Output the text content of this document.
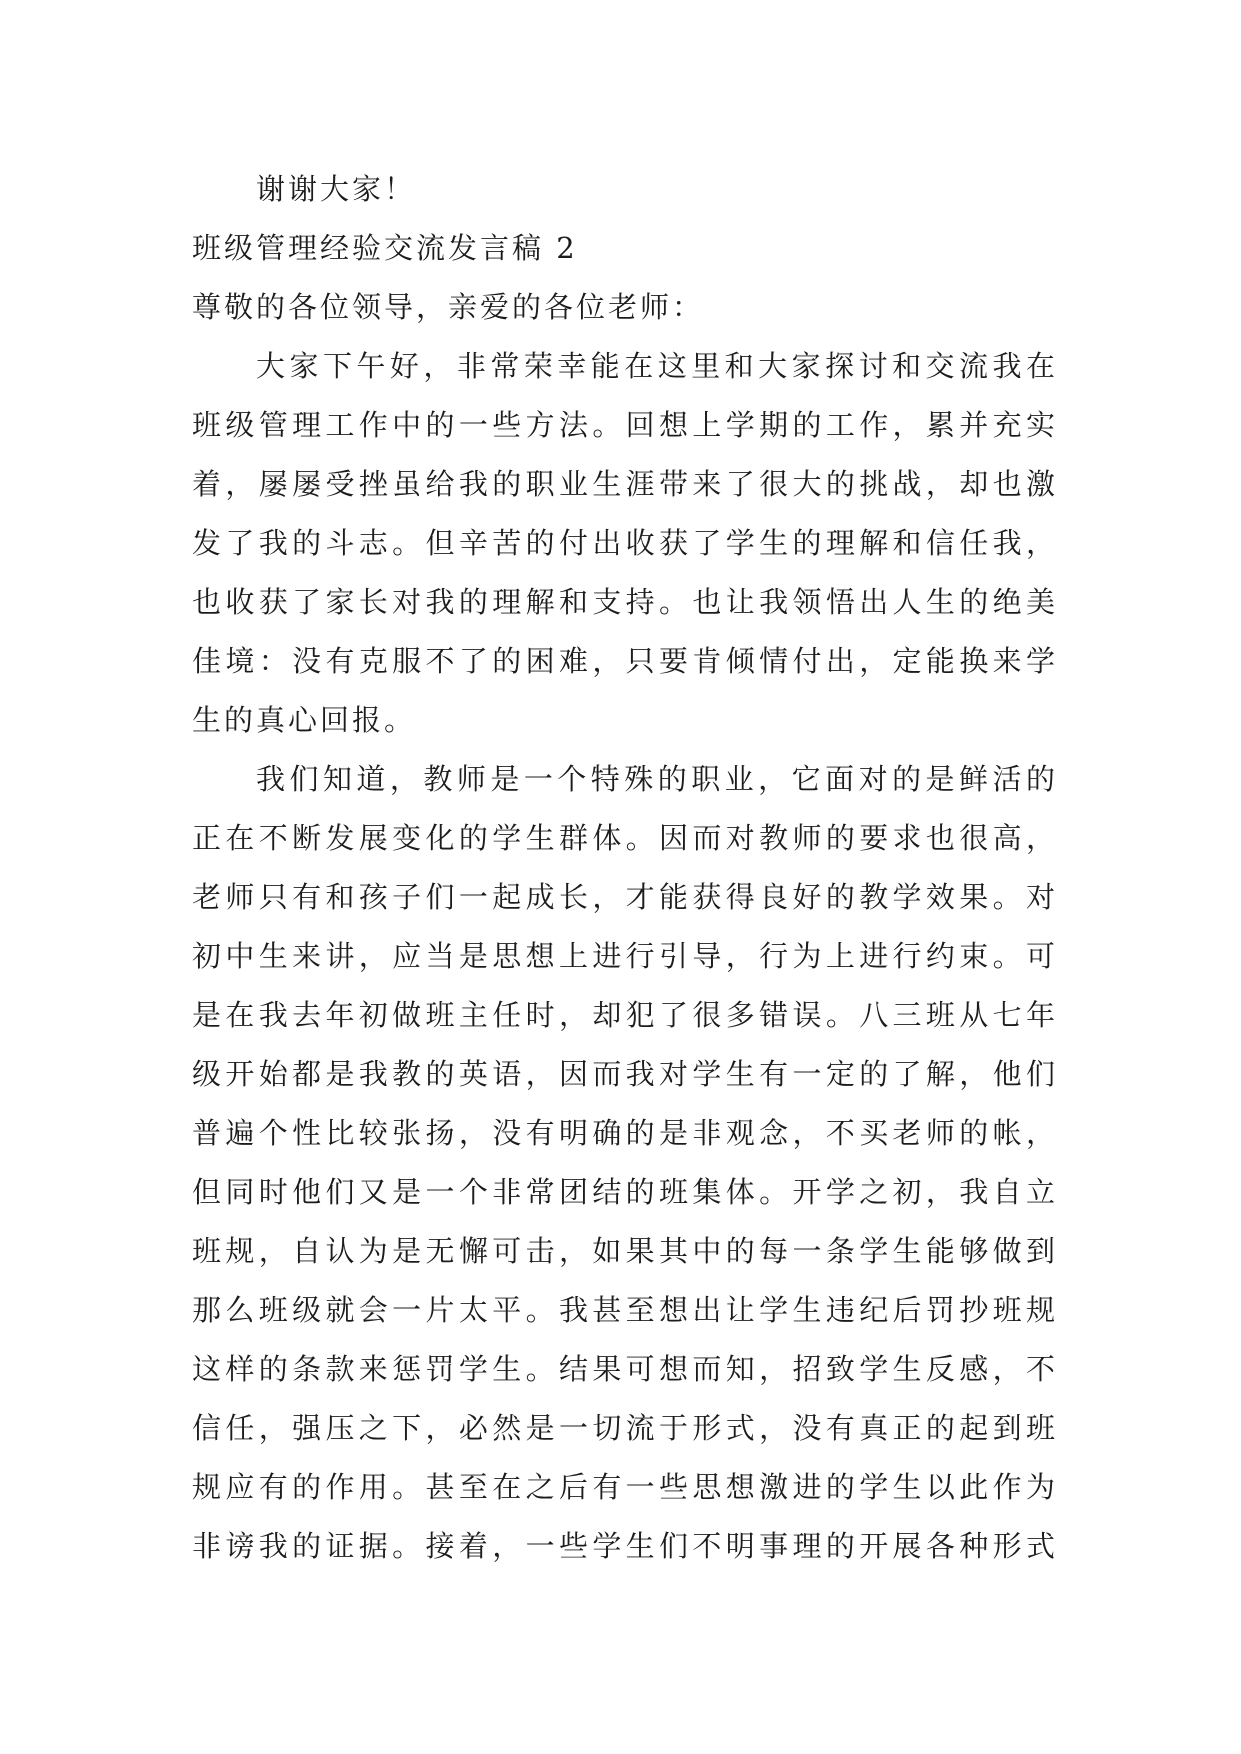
谢谢大家！
班级管理经验交流发言稿 2
尊敬的各位领导，亲爱的各位老师：
大家下午好，非常荣幸能在这里和大家探讨和交流我在
班级管理工作中的一些方法。回想上学期的工作，累并充实
着，屡屡受挫虽给我的职业生涯带来了很大的挑战，却也激
发了我的斗志。但辛苦的付出收获了学生的理解和信任我，
也收获了家长对我的理解和支持。也让我领悟出人生的绝美
佳境：没有克服不了的困难，只要肯倾情付出，定能换来学
生的真心回报。
我们知道，教师是一个特殊的职业，它面对的是鲜活的
正在不断发展变化的学生群体。因而对教师的要求也很高，
老师只有和孩子们一起成长，才能获得良好的教学效果。对
初中生来讲，应当是思想上进行引导，行为上进行约束。可
是在我去年初做班主任时，却犯了很多错误。八三班从七年
级开始都是我教的英语，因而我对学生有一定的了解，他们
普遍个性比较张扬，没有明确的是非观念，不买老师的帐，
但同时他们又是一个非常团结的班集体。开学之初，我自立
班规，自认为是无懈可击，如果其中的每一条学生能够做到
那么班级就会一片太平。我甚至想出让学生违纪后罚抄班规
这样的条款来惩罚学生。结果可想而知，招致学生反感，不
信任，强压之下，必然是一切流于形式，没有真正的起到班
规应有的作用。甚至在之后有一些思想激进的学生以此作为
非谤我的证据。接着，一些学生们不明事理的开展各种形式
